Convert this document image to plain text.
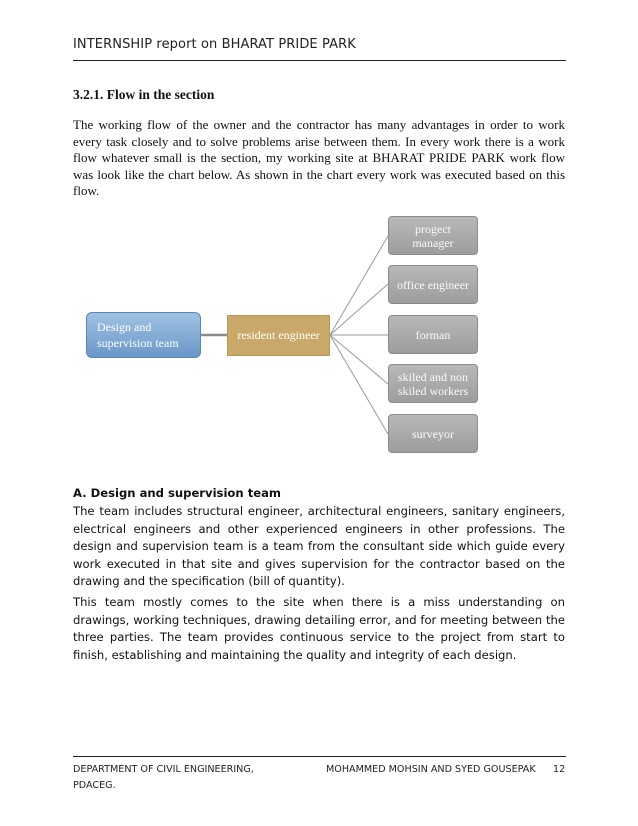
INTERNSHIP report on BHARAT PRIDE PARK
3.2.1. Flow in the section

The working flow of the owner and the contractor has many advantages in order to work every task closely and to solve problems arise between them. In every work there is a work flow whatever small is the section, my working site at BHARAT PRIDE PARK work flow was look like the chart below. As shown in the chart every work was executed based on this flow.

Design and
supervision team
resident engineer
progect
manager
office engineer
forman
skiled and non
skiled workers
surveyor
A. Design and supervision team

The team includes structural engineer, architectural engineers, sanitary engineers, electrical engineers and other experienced engineers in other professions. The design and supervision team is a team from the consultant side which guide every work executed in that site and gives supervision for the contractor based on the drawing and the specification (bill of quantity).

This team mostly comes to the site when there is a miss understanding on drawings, working techniques, drawing detailing error, and for meeting between the three parties. The team provides continuous service to the project from start to finish, establishing and maintaining the quality and integrity of each design.

DEPARTMENT OF CIVIL ENGINEERING,
PDACEG.
MOHAMMED MOHSIN AND SYED GOUSEPAK 12
